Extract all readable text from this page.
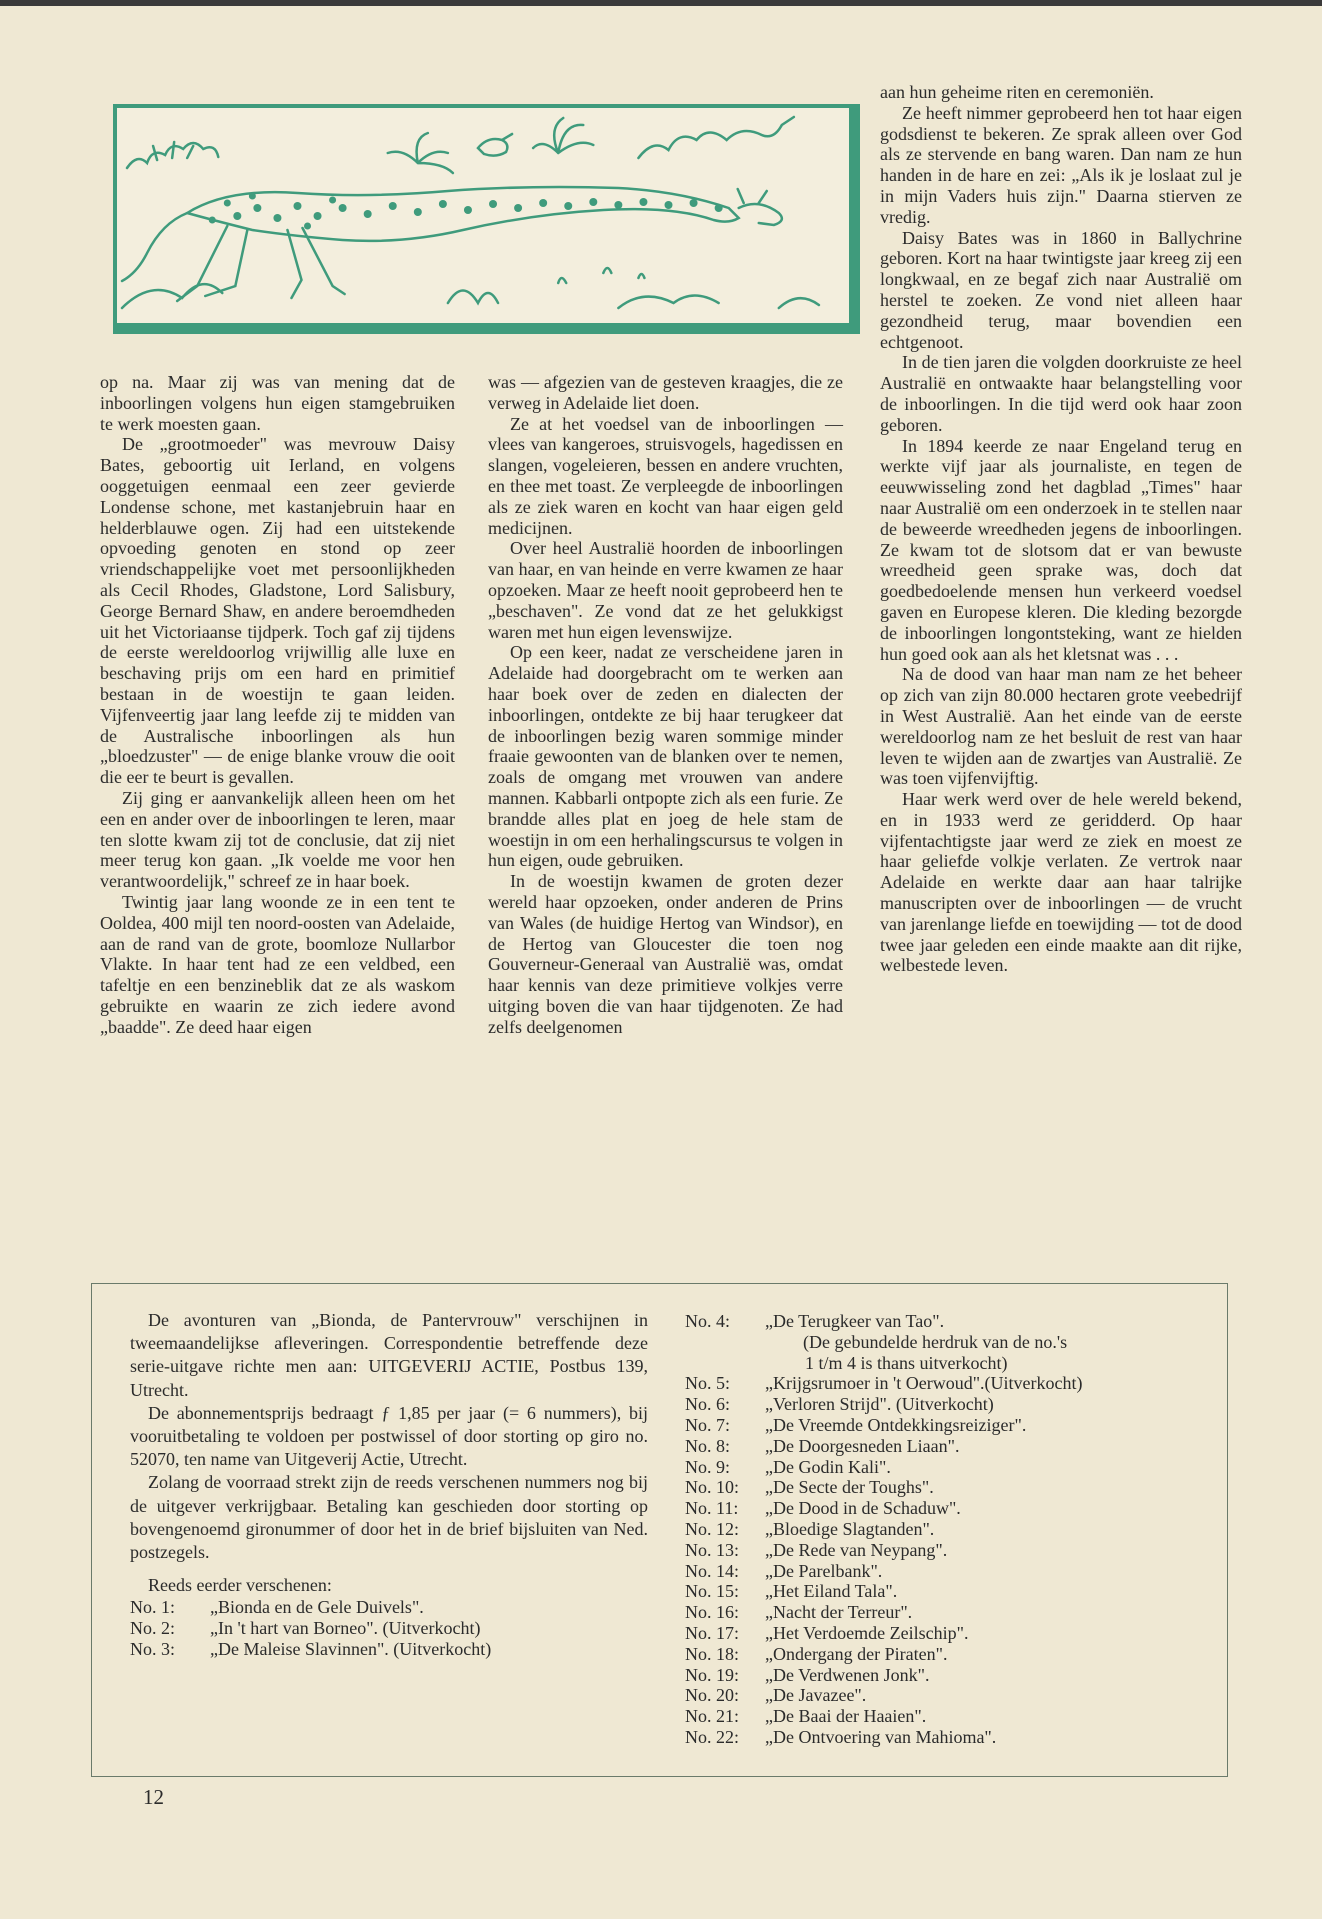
op na. Maar zij was van mening dat de inboorlingen volgens hun eigen stamgebruiken te werk moesten gaan.

De „grootmoeder" was mevrouw Daisy Bates, geboortig uit Ierland, en volgens ooggetuigen eenmaal een zeer gevierde Londense schone, met kastanjebruin haar en helderblauwe ogen. Zij had een uitstekende opvoeding genoten en stond op zeer vriendschappelijke voet met persoonlijkheden als Cecil Rhodes, Gladstone, Lord Salisbury, George Bernard Shaw, en andere beroemdheden uit het Victoriaanse tijdperk. Toch gaf zij tijdens de eerste wereldoorlog vrijwillig alle luxe en beschaving prijs om een hard en primitief bestaan in de woestijn te gaan leiden. Vijfenveertig jaar lang leefde zij te midden van de Australische inboorlingen als hun „bloedzuster" — de enige blanke vrouw die ooit die eer te beurt is gevallen.

Zij ging er aanvankelijk alleen heen om het een en ander over de inboorlingen te leren, maar ten slotte kwam zij tot de conclusie, dat zij niet meer terug kon gaan. „Ik voelde me voor hen verantwoordelijk," schreef ze in haar boek.

Twintig jaar lang woonde ze in een tent te Ooldea, 400 mijl ten noord-oosten van Adelaide, aan de rand van de grote, boomloze Nullarbor Vlakte. In haar tent had ze een veldbed, een tafeltje en een benzineblik dat ze als waskom gebruikte en waarin ze zich iedere avond „baadde". Ze deed haar eigen

was — afgezien van de gesteven kraagjes, die ze verweg in Adelaide liet doen.

Ze at het voedsel van de inboorlingen — vlees van kangeroes, struisvogels, hagedissen en slangen, vogeleieren, bessen en andere vruchten, en thee met toast. Ze verpleegde de inboorlingen als ze ziek waren en kocht van haar eigen geld medicijnen.

Over heel Australië hoorden de inboorlingen van haar, en van heinde en verre kwamen ze haar opzoeken. Maar ze heeft nooit geprobeerd hen te „beschaven". Ze vond dat ze het gelukkigst waren met hun eigen levenswijze.

Op een keer, nadat ze verscheidene jaren in Adelaide had doorgebracht om te werken aan haar boek over de zeden en dialecten der inboorlingen, ontdekte ze bij haar terugkeer dat de inboorlingen bezig waren sommige minder fraaie gewoonten van de blanken over te nemen, zoals de omgang met vrouwen van andere mannen. Kabbarli ontpopte zich als een furie. Ze brandde alles plat en joeg de hele stam de woestijn in om een herhalingscursus te volgen in hun eigen, oude gebruiken.

In de woestijn kwamen de groten dezer wereld haar opzoeken, onder anderen de Prins van Wales (de huidige Hertog van Windsor), en de Hertog van Gloucester die toen nog Gouverneur-Generaal van Australië was, omdat haar kennis van deze primitieve volkjes verre uitging boven die van haar tijdgenoten. Ze had zelfs deelgenomen

aan hun geheime riten en ceremoniën.

Ze heeft nimmer geprobeerd hen tot haar eigen godsdienst te bekeren. Ze sprak alleen over God als ze stervende en bang waren. Dan nam ze hun handen in de hare en zei: „Als ik je loslaat zul je in mijn Vaders huis zijn." Daarna stierven ze vredig.

Daisy Bates was in 1860 in Ballychrine geboren. Kort na haar twintigste jaar kreeg zij een longkwaal, en ze begaf zich naar Australië om herstel te zoeken. Ze vond niet alleen haar gezondheid terug, maar bovendien een echtgenoot.

In de tien jaren die volgden doorkruiste ze heel Australië en ontwaakte haar belangstelling voor de inboorlingen. In die tijd werd ook haar zoon geboren.

In 1894 keerde ze naar Engeland terug en werkte vijf jaar als journaliste, en tegen de eeuwwisseling zond het dagblad „Times" haar naar Australië om een onderzoek in te stellen naar de beweerde wreedheden jegens de inboorlingen. Ze kwam tot de slotsom dat er van bewuste wreedheid geen sprake was, doch dat goedbedoelende mensen hun verkeerd voedsel gaven en Europese kleren. Die kleding bezorgde de inboorlingen longontsteking, want ze hielden hun goed ook aan als het kletsnat was . . .

Na de dood van haar man nam ze het beheer op zich van zijn 80.000 hectaren grote veebedrijf in West Australië. Aan het einde van de eerste wereldoorlog nam ze het besluit de rest van haar leven te wijden aan de zwartjes van Australië. Ze was toen vijfenvijftig.

Haar werk werd over de hele wereld bekend, en in 1933 werd ze geridderd. Op haar vijfentachtigste jaar werd ze ziek en moest ze haar geliefde volkje verlaten. Ze vertrok naar Adelaide en werkte daar aan haar talrijke manuscripten over de inboorlingen — de vrucht van jarenlange liefde en toewijding — tot de dood twee jaar geleden een einde maakte aan dit rijke, welbestede leven.

De avonturen van „Bionda, de Pantervrouw" verschijnen in tweemaandelijkse afleveringen. Correspondentie betreffende deze serie-uitgave richte men aan: UITGEVERIJ ACTIE, Postbus 139, Utrecht.

De abonnementsprijs bedraagt ƒ 1,85 per jaar (= 6 nummers), bij vooruitbetaling te voldoen per postwissel of door storting op giro no. 52070, ten name van Uitgeverij Actie, Utrecht.

Zolang de voorraad strekt zijn de reeds verschenen nummers nog bij de uitgever verkrijgbaar. Betaling kan geschieden door storting op bovengenoemd gironummer of door het in de brief bijsluiten van Ned. postzegels.

Reeds eerder verschenen:

No. 1:	„Bionda en de Gele Duivels".
No. 2:	„In 't hart van Borneo". (Uitverkocht)
No. 3:	„De Maleise Slavinnen". (Uitverkocht)
No. 4:	„De Terugkeer van Tao".
(De gebundelde herdruk van de no.'s
1 t/m 4 is thans uitverkocht)
No. 5:	„Krijgsrumoer in 't Oerwoud".(Uitverkocht)
No. 6:	„Verloren Strijd". (Uitverkocht)
No. 7:	„De Vreemde Ontdekkingsreiziger".
No. 8:	„De Doorgesneden Liaan".
No. 9:	„De Godin Kali".
No. 10:	„De Secte der Toughs".
No. 11:	„De Dood in de Schaduw".
No. 12:	„Bloedige Slagtanden".
No. 13:	„De Rede van Neypang".
No. 14:	„De Parelbank".
No. 15:	„Het Eiland Tala".
No. 16:	„Nacht der Terreur".
No. 17:	„Het Verdoemde Zeilschip".
No. 18:	„Ondergang der Piraten".
No. 19:	„De Verdwenen Jonk".
No. 20:	„De Javazee".
No. 21:	„De Baai der Haaien".
No. 22:	„De Ontvoering van Mahioma".
12
